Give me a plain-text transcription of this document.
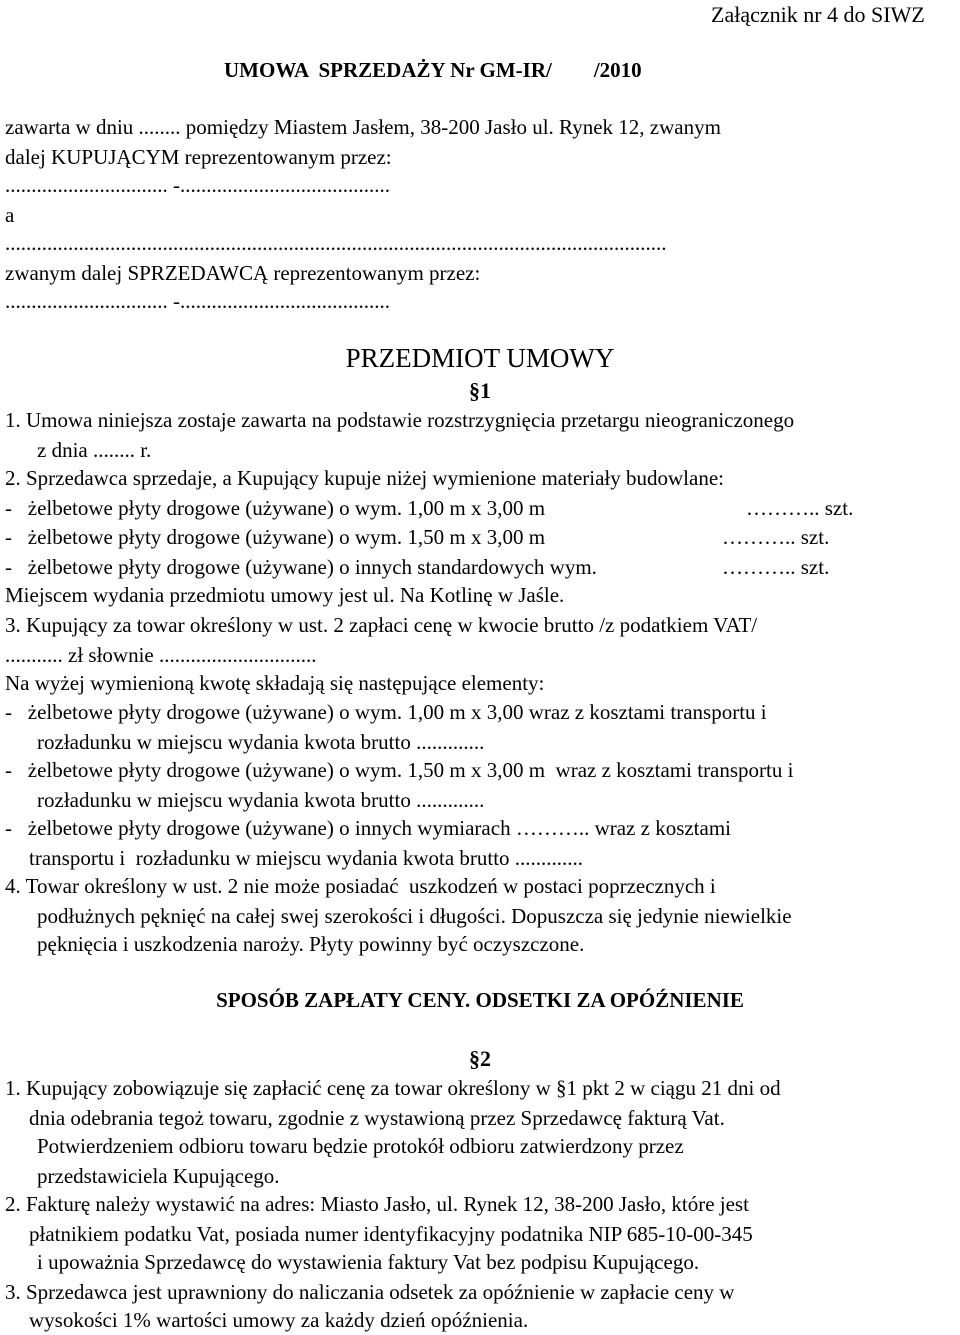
Załącznik nr 4 do SIWZ
UMOWA  SPRZEDAŻY Nr GM-IR/        /2010
zawarta w dniu ........ pomiędzy Miastem Jasłem, 38-200 Jasło ul. Rynek 12, zwanym
dalej KUPUJĄCYM reprezentowanym przez:
............................... -........................................
a
..............................................................................................................................
zwanym dalej SPRZEDAWCĄ reprezentowanym przez:
............................... -........................................
PRZEDMIOT UMOWY
§1
1. Umowa niniejsza zostaje zawarta na podstawie rozstrzygnięcia przetargu nieograniczonego
z dnia ........ r.
2. Sprzedawca sprzedaje, a Kupujący kupuje niżej wymienione materiały budowlane:
-   żelbetowe płyty drogowe (używane) o wym. 1,00 m x 3,00 m	……….. szt.
-   żelbetowe płyty drogowe (używane) o wym. 1,50 m x 3,00 m	……….. szt.
-   żelbetowe płyty drogowe (używane) o innych standardowych wym.	……….. szt.
Miejscem wydania przedmiotu umowy jest ul. Na Kotlinę w Jaśle.
3. Kupujący za towar określony w ust. 2 zapłaci cenę w kwocie brutto /z podatkiem VAT/
........... zł słownie ..............................
Na wyżej wymienioną kwotę składają się następujące elementy:
-   żelbetowe płyty drogowe (używane) o wym. 1,00 m x 3,00 wraz z kosztami transportu i
rozładunku w miejscu wydania kwota brutto .............
-   żelbetowe płyty drogowe (używane) o wym. 1,50 m x 3,00 m  wraz z kosztami transportu i
rozładunku w miejscu wydania kwota brutto .............
-   żelbetowe płyty drogowe (używane) o innych wymiarach ……….. wraz z kosztami
transportu i  rozładunku w miejscu wydania kwota brutto .............
4. Towar określony w ust. 2 nie może posiadać  uszkodzeń w postaci poprzecznych i
podłużnych pęknięć na całej swej szerokości i długości. Dopuszcza się jedynie niewielkie
pęknięcia i uszkodzenia naroży. Płyty powinny być oczyszczone.
SPOSÓB ZAPŁATY CENY. ODSETKI ZA OPÓŹNIENIE
§2
1. Kupujący zobowiązuje się zapłacić cenę za towar określony w §1 pkt 2 w ciągu 21 dni od
dnia odebrania tegoż towaru, zgodnie z wystawioną przez Sprzedawcę fakturą Vat.
Potwierdzeniem odbioru towaru będzie protokół odbioru zatwierdzony przez
przedstawiciela Kupującego.
2. Fakturę należy wystawić na adres: Miasto Jasło, ul. Rynek 12, 38-200 Jasło, które jest
płatnikiem podatku Vat, posiada numer identyfikacyjny podatnika NIP 685-10-00-345
i upoważnia Sprzedawcę do wystawienia faktury Vat bez podpisu Kupującego.
3. Sprzedawca jest uprawniony do naliczania odsetek za opóźnienie w zapłacie ceny w
wysokości 1% wartości umowy za każdy dzień opóźnienia.
